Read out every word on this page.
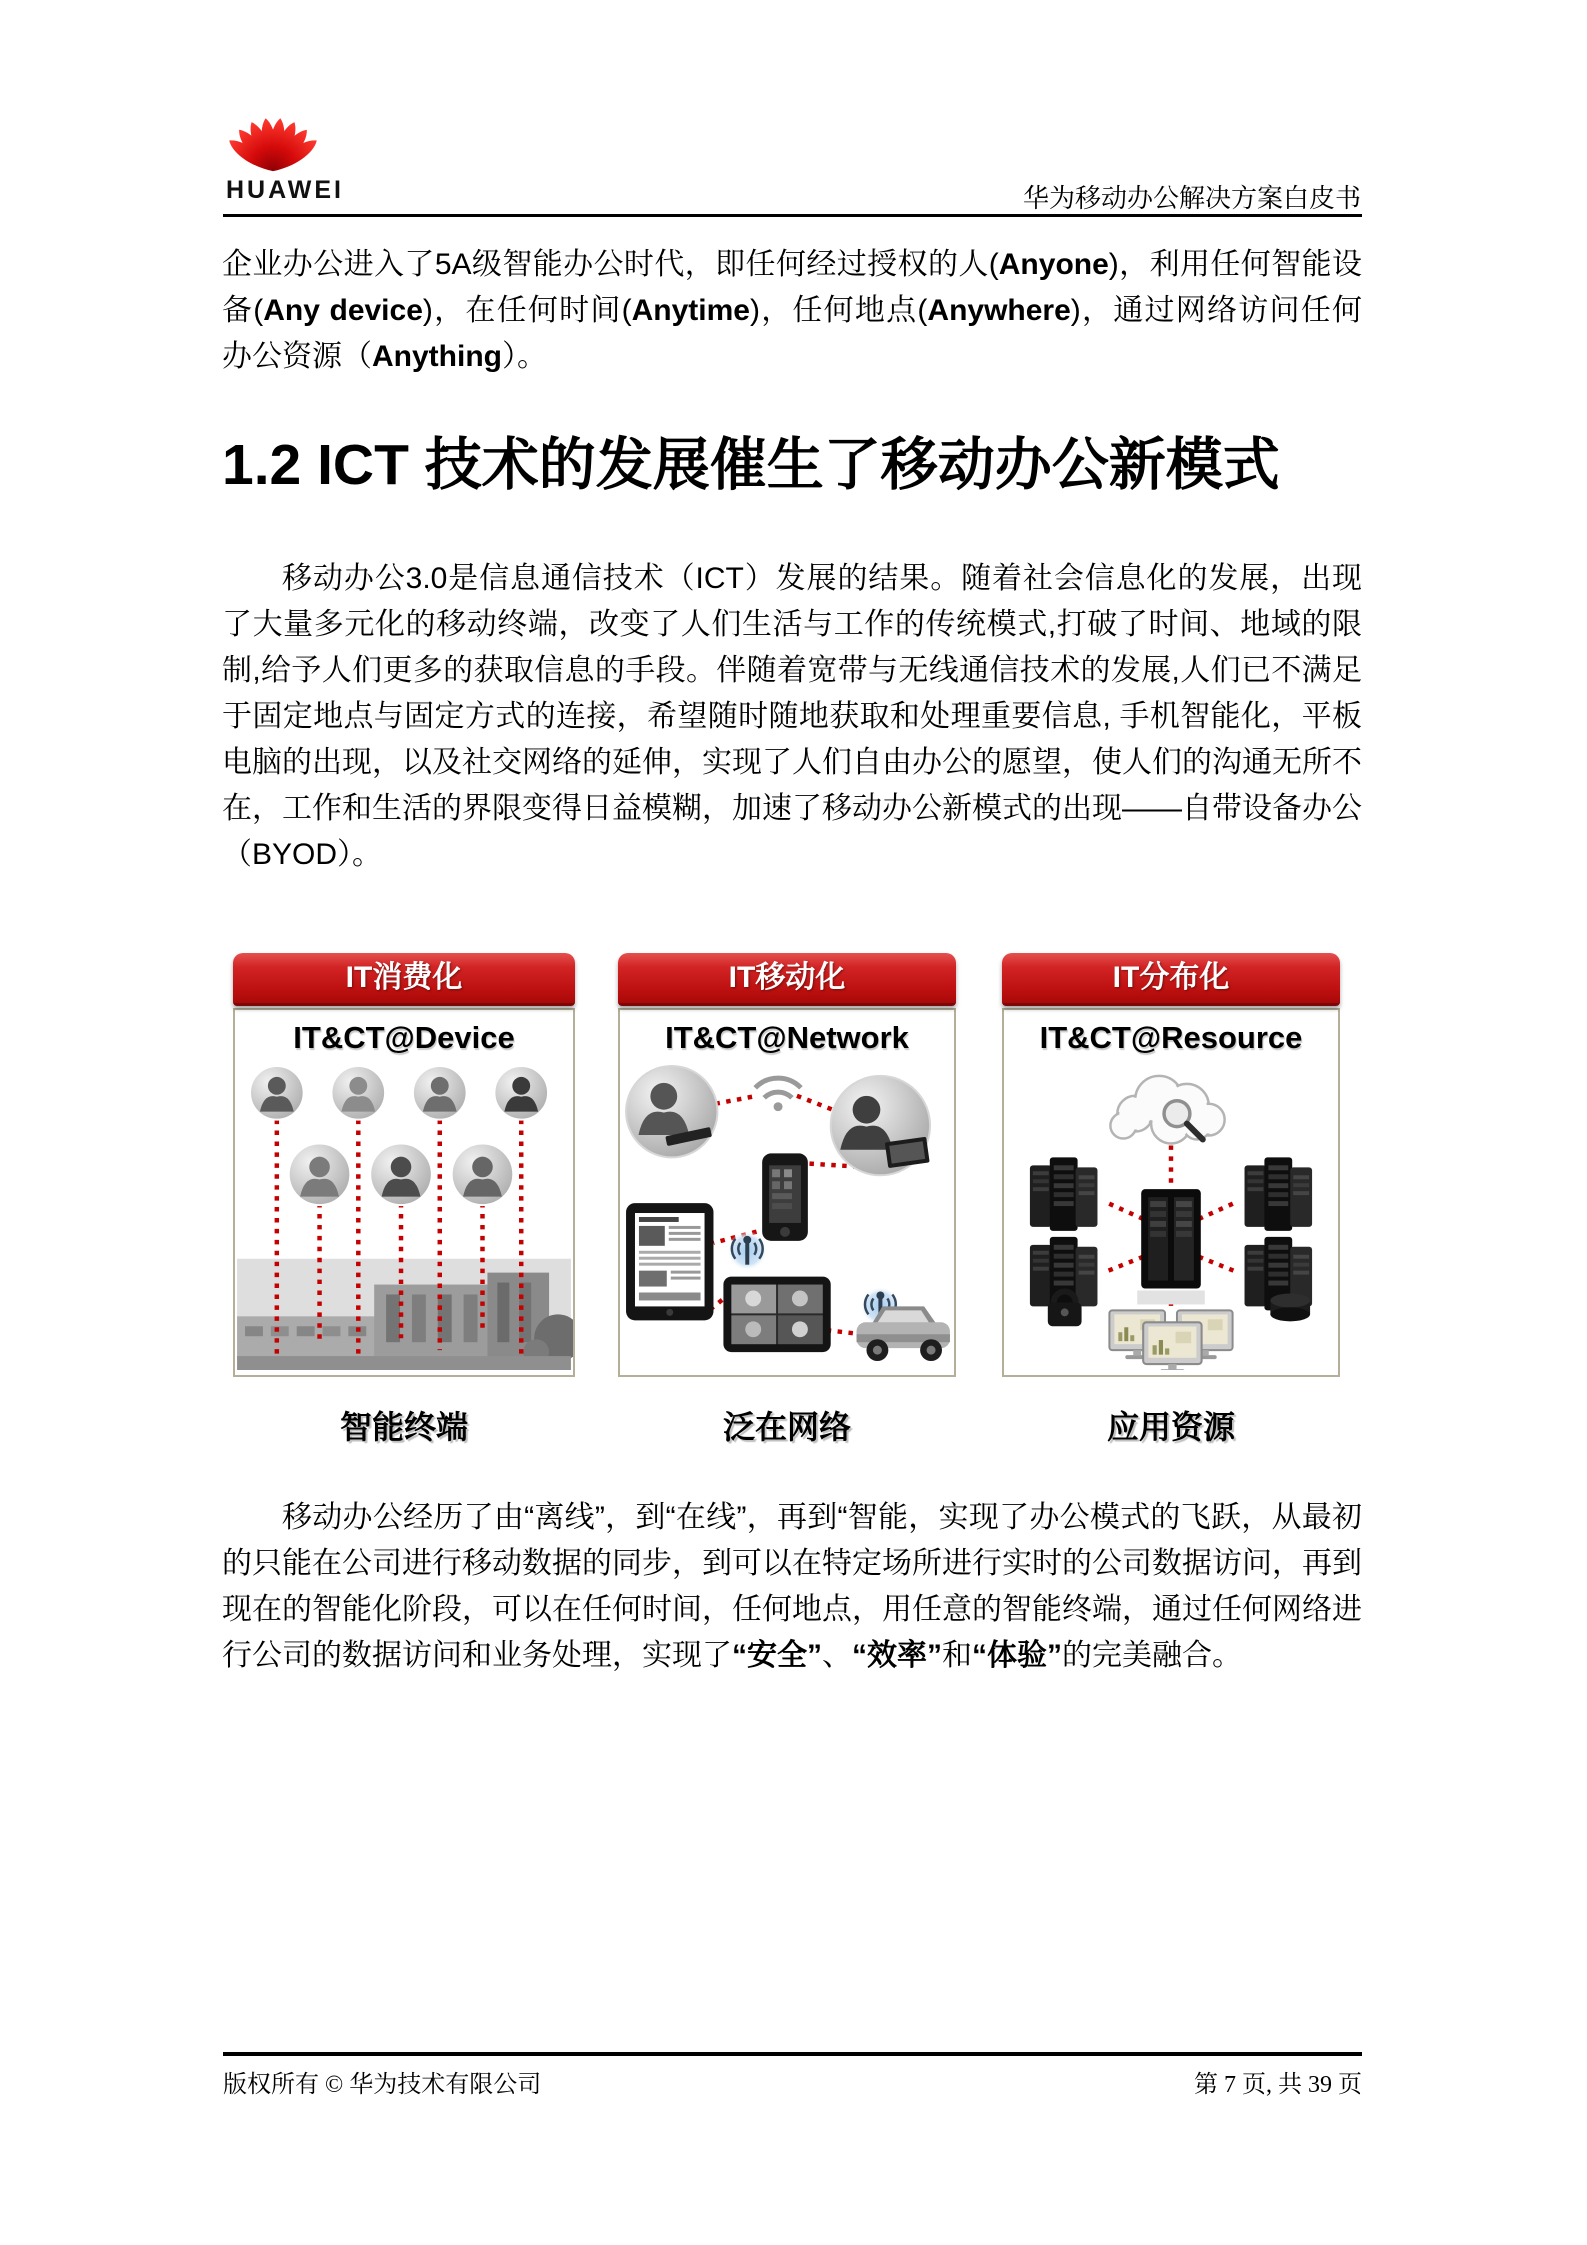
HUAWEI	华为移动办公解决方案白皮书

企业办公进入了5A级智能办公时代，即任何经过授权的人(Anyone)，利用任何智能设备(Any device)，在任何时间(Anytime)，任何地点(Anywhere)，通过网络访问任何办公资源（Anything）。

1.2 ICT 技术的发展催生了移动办公新模式

移动办公3.0是信息通信技术（ICT）发展的结果。随着社会信息化的发展，出现了大量多元化的移动终端，改变了人们生活与工作的传统模式,打破了时间、地域的限制,给予人们更多的获取信息的手段。伴随着宽带与无线通信技术的发展,人们已不满足于固定地点与固定方式的连接，希望随时随地获取和处理重要信息, 手机智能化，平板电脑的出现，以及社交网络的延伸，实现了人们自由办公的愿望，使人们的沟通无所不在，工作和生活的界限变得日益模糊，加速了移动办公新模式的出现——自带设备办公（BYOD）。

IT消费化
IT&CT@Device
智能终端
IT移动化
IT&CT@Network
泛在网络
IT分布化
IT&CT@Resource
应用资源

移动办公经历了由“离线”，到“在线”，再到“智能，实现了办公模式的飞跃，从最初的只能在公司进行移动数据的同步，到可以在特定场所进行实时的公司数据访问，再到现在的智能化阶段，可以在任何时间，任何地点，用任意的智能终端，通过任何网络进行公司的数据访问和业务处理，实现了“安全”、“效率”和“体验”的完美融合。

版权所有 © 华为技术有限公司	第 7 页, 共 39 页
